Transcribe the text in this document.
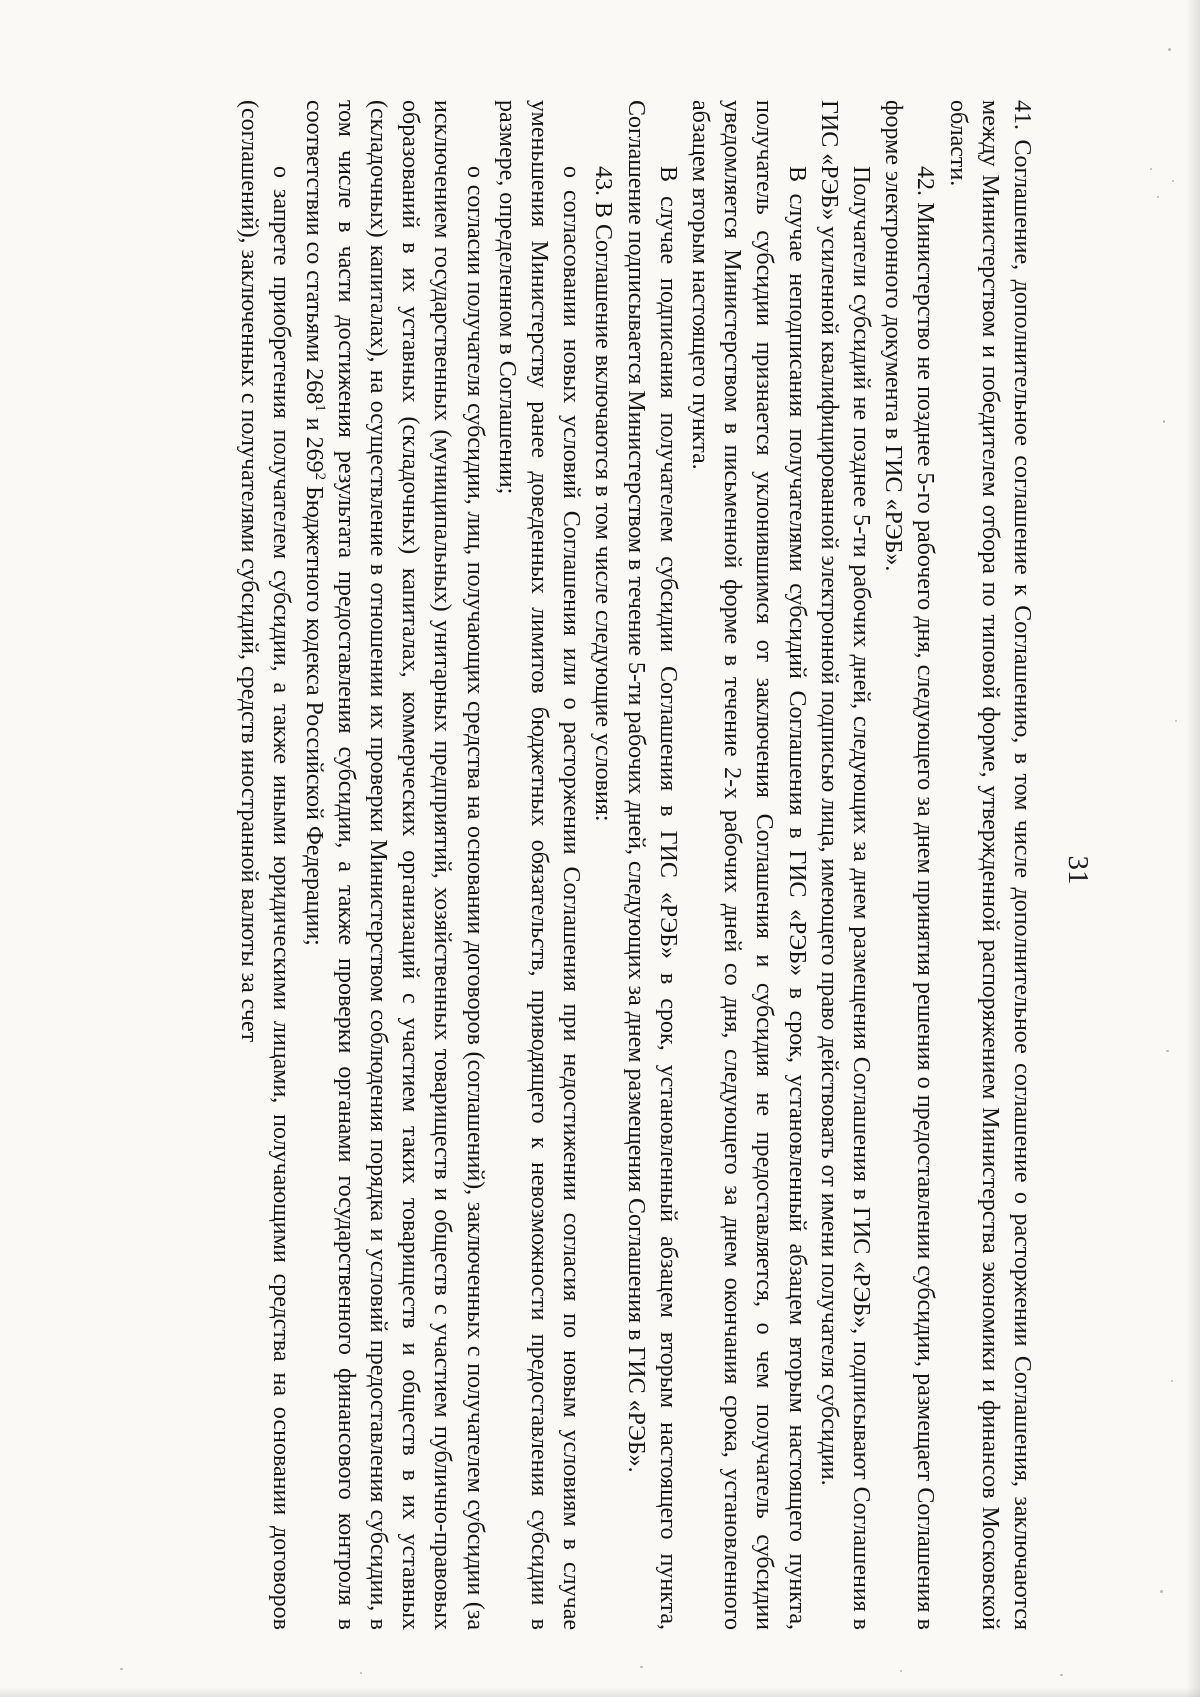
31

41. Соглашение, дополнительное соглашение к Соглашению, в том числе дополнительное соглашение о расторжении Соглашения, заключаются между Министерством и победителем отбора по типовой форме, утвержденной распоряжением Министерства экономики и финансов Московской области.

42. Министерство не позднее 5-го рабочего дня, следующего за днем принятия решения о предоставлении субсидии, размещает Соглашения в форме электронного документа в ГИС «РЭБ».

Получатели субсидий не позднее 5-ти рабочих дней, следующих за днем размещения Соглашения в ГИС «РЭБ», подписывают Соглашения в ГИС «РЭБ» усиленной квалифицированной электронной подписью лица, имеющего право действовать от имени получателя субсидии.

В случае неподписания получателями субсидий Соглашения в ГИС «РЭБ» в срок, установленный абзацем вторым настоящего пункта, получатель субсидии признается уклонившимся от заключения Соглашения и субсидия не предоставляется, о чем получатель субсидии уведомляется Министерством в письменной форме в течение 2-х рабочих дней со дня, следующего за днем окончания срока, установленного абзацем вторым настоящего пункта.

В случае подписания получателем субсидии Соглашения в ГИС «РЭБ» в срок, установленный абзацем вторым настоящего пункта, Соглашение подписывается Министерством в течение 5-ти рабочих дней, следующих за днем размещения Соглашения в ГИС «РЭБ».

43. В Соглашение включаются в том числе следующие условия:

о согласовании новых условий Соглашения или о расторжении Соглашения при недостижении согласия по новым условиям в случае уменьшения Министерству ранее доведенных лимитов бюджетных обязательств, приводящего к невозможности предоставления субсидии в размере, определенном в Соглашении;

о согласии получателя субсидии, лиц, получающих средства на основании договоров (соглашений), заключенных с получателем субсидии (за исключением государственных (муниципальных) унитарных предприятий, хозяйственных товариществ и обществ с участием публично-правовых образований в их уставных (складочных) капиталах, коммерческих организаций с участием таких товариществ и обществ в их уставных (складочных) капиталах), на осуществление в отношении их проверки Министерством соблюдения порядка и условий предоставления субсидии, в том числе в части достижения результата предоставления субсидии, а также проверки органами государственного финансового контроля в соответствии со статьями $268^1$ и $269^2$ Бюджетного кодекса Российской Федерации;

о запрете приобретения получателем субсидии, а также иными юридическими лицами, получающими средства на основании договоров (соглашений), заключенных с получателями субсидий, средств иностранной валюты за счет
